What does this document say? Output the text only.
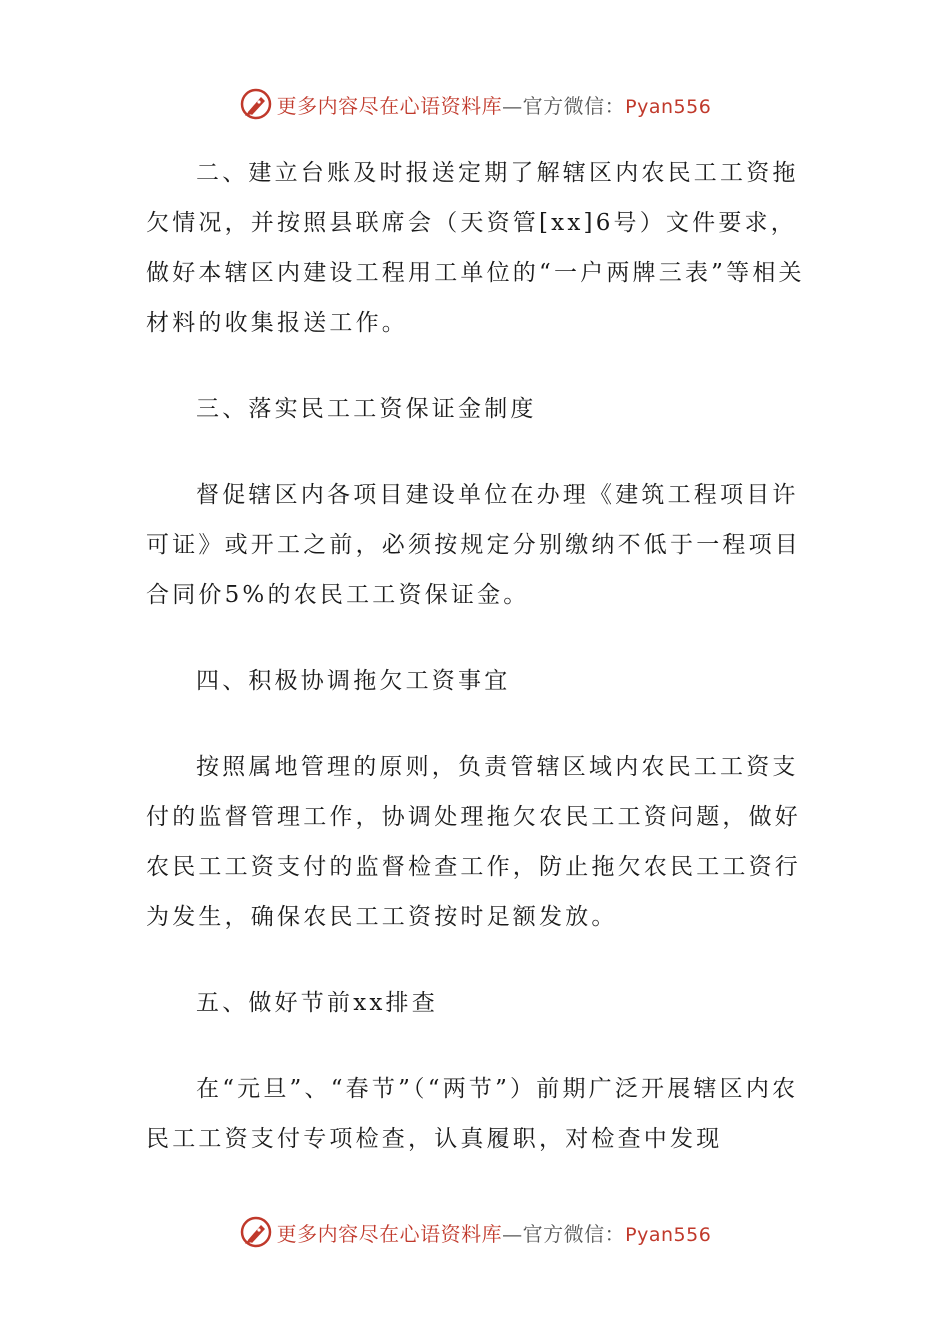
更多内容尽在心语资料库—官方微信：Pyan556

二、建立台账及时报送定期了解辖区内农民工工资拖欠情况，并按照县联席会（天资管[xx]6号）文件要求，做好本辖区内建设工程用工单位的“一户两牌三表”等相关材料的收集报送工作。

三、落实民工工资保证金制度

督促辖区内各项目建设单位在办理《建筑工程项目许可证》或开工之前，必须按规定分别缴纳不低于一程项目合同价5%的农民工工资保证金。

四、积极协调拖欠工资事宜

按照属地管理的原则，负责管辖区域内农民工工资支付的监督管理工作，协调处理拖欠农民工工资问题，做好农民工工资支付的监督检查工作，防止拖欠农民工工资行为发生，确保农民工工资按时足额发放。

五、做好节前xx排查

在“元旦”、“春节”（“两节”）前期广泛开展辖区内农民工工资支付专项检查，认真履职，对检查中发现

更多内容尽在心语资料库—官方微信：Pyan556
